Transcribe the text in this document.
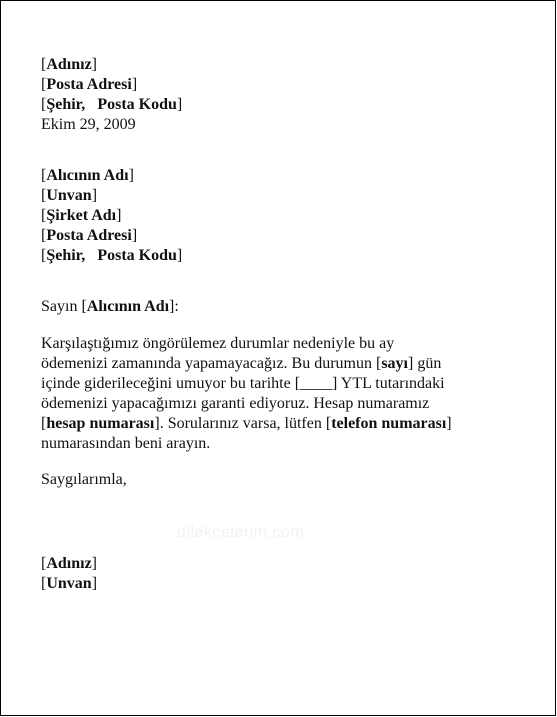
[Adınız]
[Posta Adresi]
[Şehir, Posta Kodu]
Ekim 29, 2009
[Alıcının Adı]
[Unvan]
[Şirket Adı]
[Posta Adresi]
[Şehir, Posta Kodu]
Sayın [Alıcının Adı]:
Karşılaştığımız öngörülemez durumlar nedeniyle bu ay
ödemenizi zamanında yapamayacağız. Bu durumun [sayı] gün
içinde giderileceğini umuyor bu tarihte [____] YTL tutarındaki
ödemenizi yapacağımızı garanti ediyoruz. Hesap numaramız
[hesap numarası]. Sorularınız varsa, lütfen [telefon numarası]
numarasından beni arayın.
Saygılarımla,
dilekcelerim.com
[Adınız]
[Unvan]
